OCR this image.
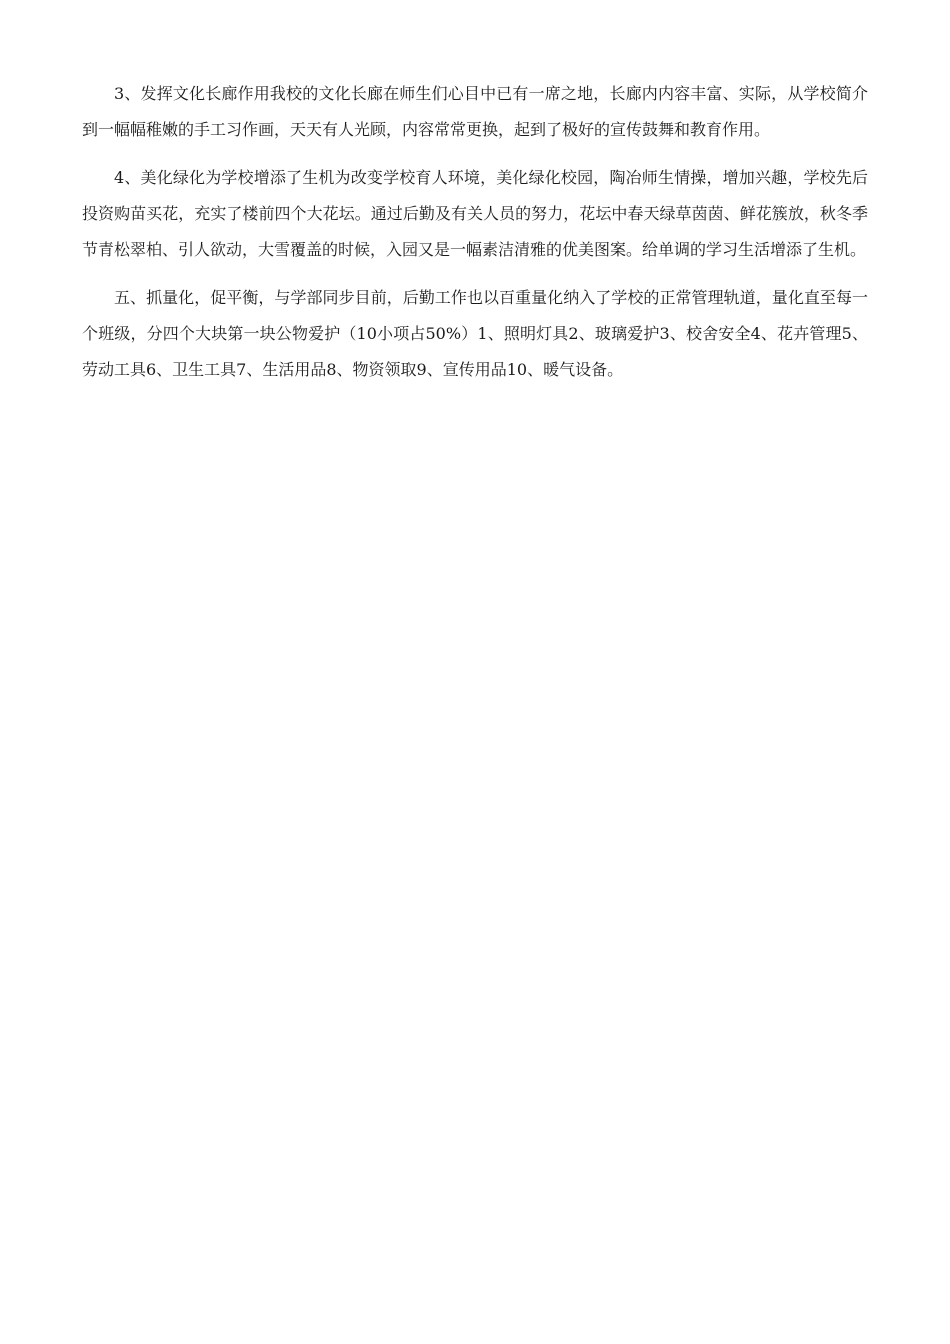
3、发挥文化长廊作用我校的文化长廊在师生们心目中已有一席之地，长廊内内容丰富、实际，从学校简介到一幅幅稚嫩的手工习作画，天天有人光顾，内容常常更换，起到了极好的宣传鼓舞和教育作用。

4、美化绿化为学校增添了生机为改变学校育人环境，美化绿化校园，陶冶师生情操，增加兴趣，学校先后投资购苗买花，充实了楼前四个大花坛。通过后勤及有关人员的努力，花坛中春天绿草茵茵、鲜花簇放，秋冬季节青松翠柏、引人欲动，大雪覆盖的时候，入园又是一幅素洁清雅的优美图案。给单调的学习生活增添了生机。

五、抓量化，促平衡，与学部同步目前，后勤工作也以百重量化纳入了学校的正常管理轨道，量化直至每一个班级，分四个大块第一块公物爱护（10小项占50%）1、照明灯具2、玻璃爱护3、校舍安全4、花卉管理5、劳动工具6、卫生工具7、生活用品8、物资领取9、宣传用品10、暖气设备。
